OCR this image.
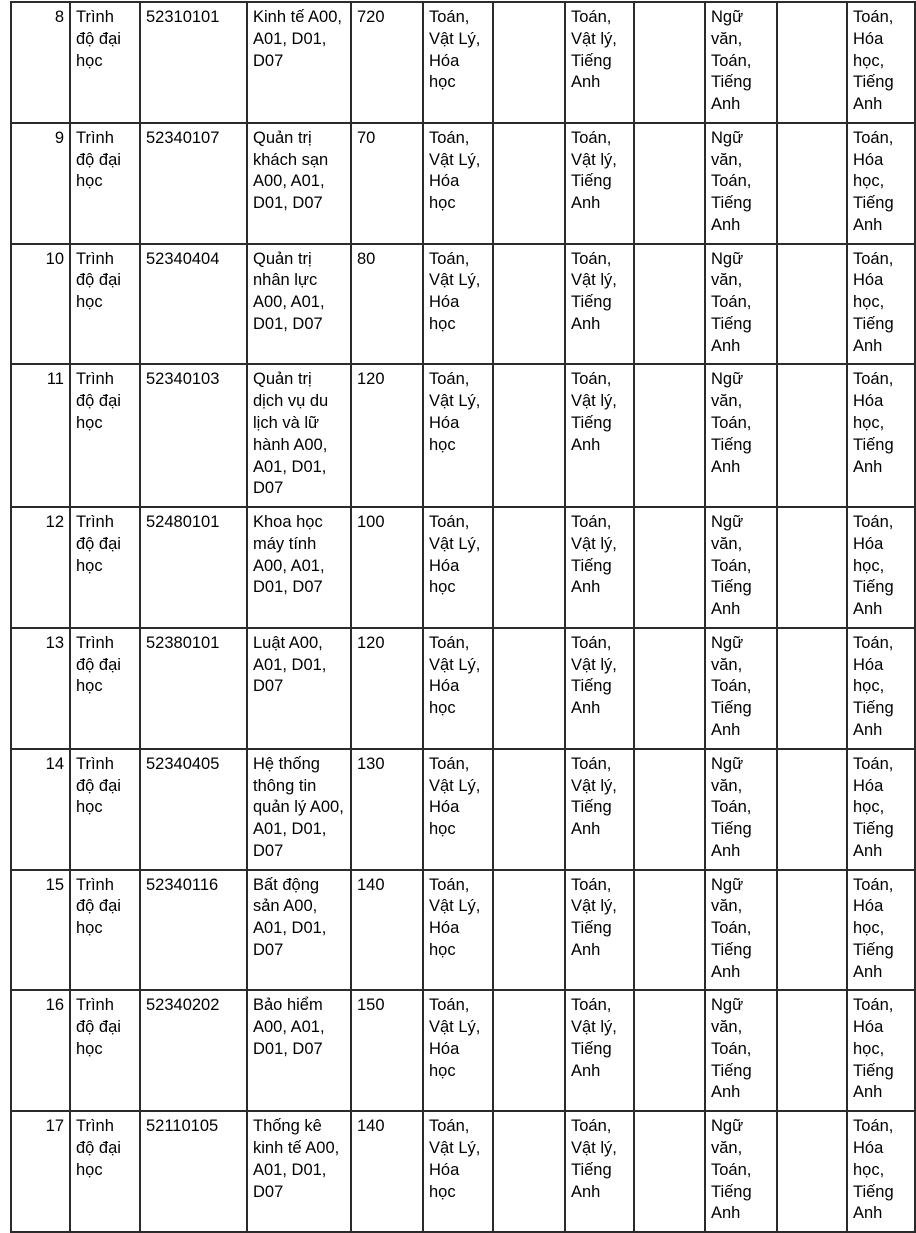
8	Trình độ đại học	52310101	Kinh tế A00, A01, D01, D07	720	Toán, Vật Lý, Hóa học		Toán, Vật lý, Tiếng Anh		Ngữ văn, Toán, Tiếng Anh		Toán, Hóa học, Tiếng Anh
9	Trình độ đại học	52340107	Quản trị khách sạn A00, A01, D01, D07	70	Toán, Vật Lý, Hóa học		Toán, Vật lý, Tiếng Anh		Ngữ văn, Toán, Tiếng Anh		Toán, Hóa học, Tiếng Anh
10	Trình độ đại học	52340404	Quản trị nhân lực A00, A01, D01, D07	80	Toán, Vật Lý, Hóa học		Toán, Vật lý, Tiếng Anh		Ngữ văn, Toán, Tiếng Anh		Toán, Hóa học, Tiếng Anh
11	Trình độ đại học	52340103	Quản trị dịch vụ du lịch và lữ hành A00, A01, D01, D07	120	Toán, Vật Lý, Hóa học		Toán, Vật lý, Tiếng Anh		Ngữ văn, Toán, Tiếng Anh		Toán, Hóa học, Tiếng Anh
12	Trình độ đại học	52480101	Khoa học máy tính A00, A01, D01, D07	100	Toán, Vật Lý, Hóa học		Toán, Vật lý, Tiếng Anh		Ngữ văn, Toán, Tiếng Anh		Toán, Hóa học, Tiếng Anh
13	Trình độ đại học	52380101	Luật A00, A01, D01, D07	120	Toán, Vật Lý, Hóa học		Toán, Vật lý, Tiếng Anh		Ngữ văn, Toán, Tiếng Anh		Toán, Hóa học, Tiếng Anh
14	Trình độ đại học	52340405	Hệ thống thông tin quản lý A00, A01, D01, D07	130	Toán, Vật Lý, Hóa học		Toán, Vật lý, Tiếng Anh		Ngữ văn, Toán, Tiếng Anh		Toán, Hóa học, Tiếng Anh
15	Trình độ đại học	52340116	Bất động sản A00, A01, D01, D07	140	Toán, Vật Lý, Hóa học		Toán, Vật lý, Tiếng Anh		Ngữ văn, Toán, Tiếng Anh		Toán, Hóa học, Tiếng Anh
16	Trình độ đại học	52340202	Bảo hiểm A00, A01, D01, D07	150	Toán, Vật Lý, Hóa học		Toán, Vật lý, Tiếng Anh		Ngữ văn, Toán, Tiếng Anh		Toán, Hóa học, Tiếng Anh
17	Trình độ đại học	52110105	Thống kê kinh tế A00, A01, D01, D07	140	Toán, Vật Lý, Hóa học		Toán, Vật lý, Tiếng Anh		Ngữ văn, Toán, Tiếng Anh		Toán, Hóa học, Tiếng Anh
